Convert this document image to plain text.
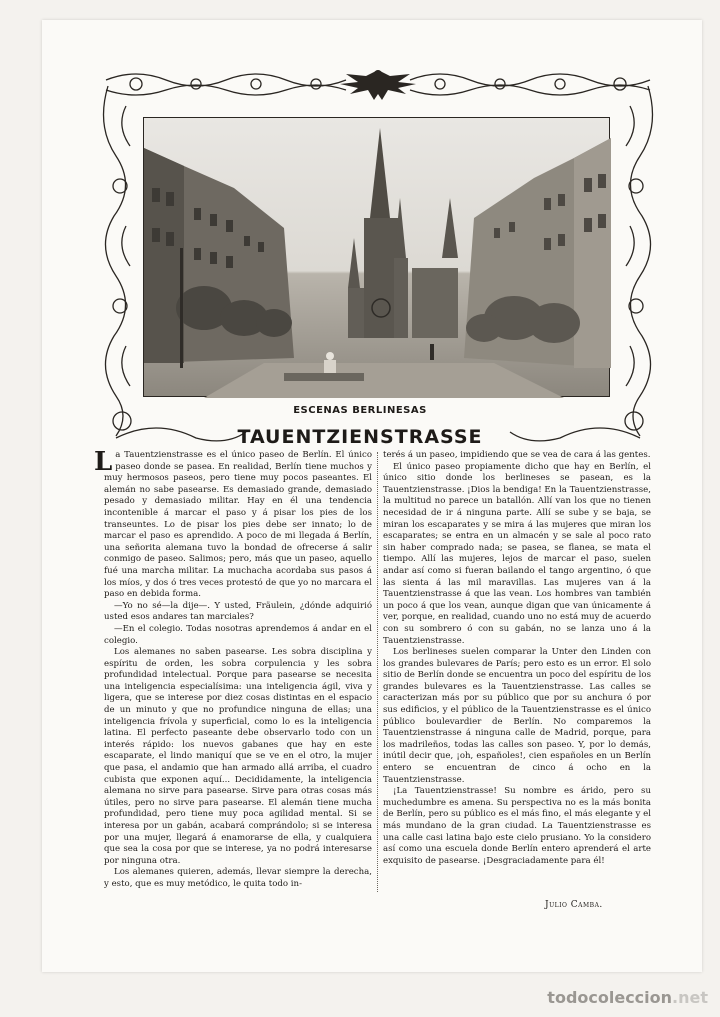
ESCENAS BERLINESAS
TAUENTZIENSTRASSE

La Tauentzienstrasse es el único paseo de Berlín. El único paseo donde se pasea. En realidad, Berlín tiene muchos y muy hermosos paseos, pero tiene muy pocos paseantes. El alemán no sabe pasearse. Es demasiado grande, demasiado pesado y demasiado militar. Hay en él una tendencia incontenible á marcar el paso y á pisar los pies de los transeuntes. Lo de pisar los pies debe ser innato; lo de marcar el paso es aprendido. A poco de mi llegada á Berlín, una señorita alemana tuvo la bondad de ofrecerse á salir conmigo de paseo. Salimos; pero, más que un paseo, aquello fué una marcha militar. La muchacha acordaba sus pasos á los míos, y dos ó tres veces protestó de que yo no marcara el paso en debida forma.

—Yo no sé—la dije—. Y usted, Fräulein, ¿dónde adquirió usted esos andares tan marciales?

—En el colegio. Todas nosotras aprendemos á andar en el colegio.

Los alemanes no saben pasearse. Les sobra disciplina y espíritu de orden, les sobra corpulencia y les sobra profundidad intelectual. Porque para pasearse se necesita una inteligencia especialísima: una inteligencia ágil, viva y ligera, que se interese por diez cosas distintas en el espacio de un minuto y que no profundice ninguna de ellas; una inteligencia frívola y superficial, como lo es la inteligencia latina. El perfecto paseante debe observarlo todo con un interés rápido: los nuevos gabanes que hay en este escaparate, el lindo maniquí que se ve en el otro, la mujer que pasa, el andamio que han armado allá arriba, el cuadro cubista que exponen aquí... Decididamente, la inteligencia alemana no sirve para pasearse. Sirve para otras cosas más útiles, pero no sirve para pasearse. El alemán tiene mucha profundidad, pero tiene muy poca agilidad mental. Si se interesa por un gabán, acabará comprándolo; si se interesa por una mujer, llegará á enamorarse de ella, y cualquiera que sea la cosa por que se interese, ya no podrá interesarse por ninguna otra.

Los alemanes quieren, además, llevar siempre la derecha, y esto, que es muy metódico, le quita todo in-

terés á un paseo, impidiendo que se vea de cara á las gentes.

El único paseo propiamente dicho que hay en Berlín, el único sitio donde los berlineses se pasean, es la Tauentzienstrasse. ¡Dios la bendiga! En la Tauentzienstrasse, la multitud no parece un batallón. Allí van los que no tienen necesidad de ir á ninguna parte. Allí se sube y se baja, se miran los escaparates y se mira á las mujeres que miran los escaparates; se entra en un almacén y se sale al poco rato sin haber comprado nada; se pasea, se flanea, se mata el tiempo. Allí las mujeres, lejos de marcar el paso, suelen andar así como si fueran bailando el tango argentino, ó que las sienta á las mil maravillas. Las mujeres van á la Tauentzienstrasse á que las vean. Los hombres van también un poco á que los vean, aunque digan que van únicamente á ver, porque, en realidad, cuando uno no está muy de acuerdo con su sombrero ó con su gabán, no se lanza uno á la Tauentzienstrasse.

Los berlineses suelen comparar la Unter den Linden con los grandes bulevares de París; pero esto es un error. El solo sitio de Berlín donde se encuentra un poco del espíritu de los grandes bulevares es la Tauentzienstrasse. Las calles se caracterizan más por su público que por su anchura ó por sus edificios, y el público de la Tauentzienstrasse es el único público boulevardier de Berlín. No comparemos la Tauentzienstrasse á ninguna calle de Madrid, porque, para los madrileños, todas las calles son paseo. Y, por lo demás, inútil decir que, ¡oh, españoles!, cien españoles en un Berlín entero se encuentran de cinco á ocho en la Tauentzienstrasse.

¡La Tauentzienstrasse! Su nombre es árido, pero su muchedumbre es amena. Su perspectiva no es la más bonita de Berlín, pero su público es el más fino, el más elegante y el más mundano de la gran ciudad. La Tauentzienstrasse es una calle casi latina bajo este cielo prusiano. Yo la considero así como una escuela donde Berlín entero aprenderá el arte exquisito de pasearse. ¡Desgraciadamente para él!

Julio Camba.
todocoleccion.net
